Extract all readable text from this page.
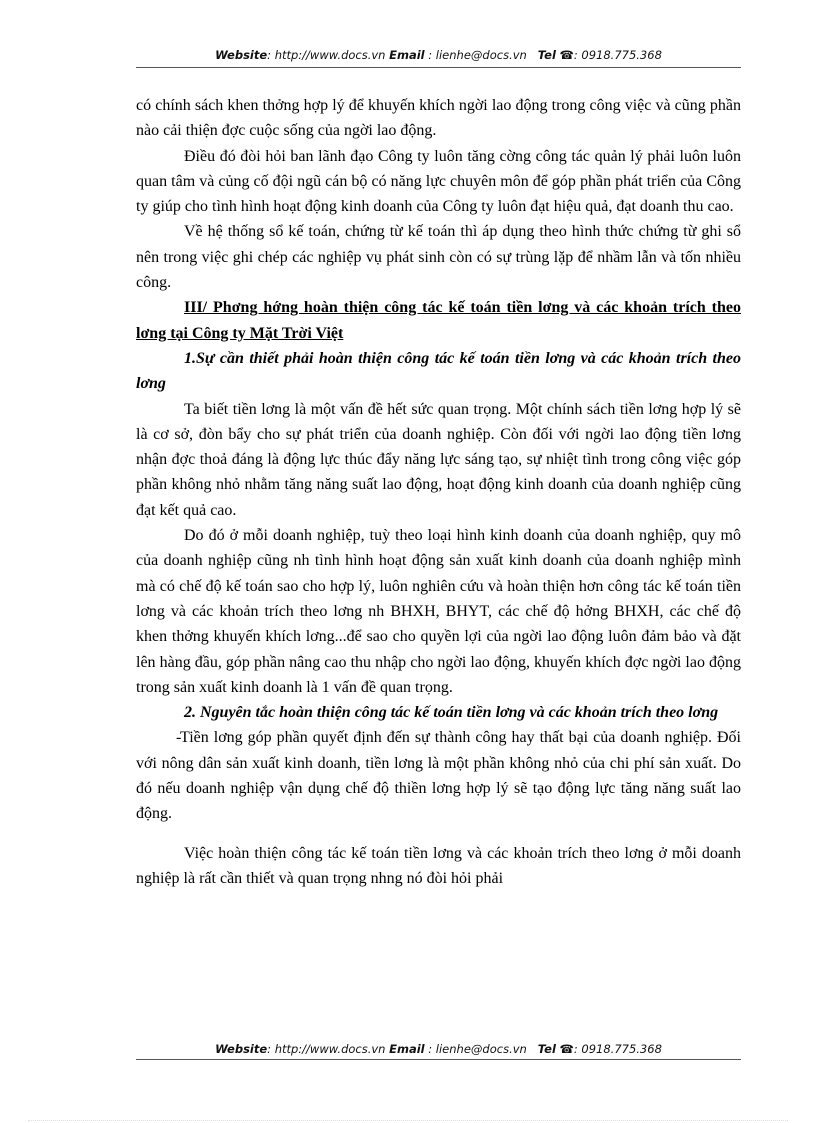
Website: http://www.docs.vn Email : lienhe@docs.vn Tel ☎: 0918.775.368

có chính sách khen thởng hợp lý để khuyến khích ngời lao động trong công việc và cũng phần nào cải thiện đợc cuộc sống của ngời lao động.

Điều đó đòi hỏi ban lãnh đạo Công ty luôn tăng cờng công tác quản lý phải luôn luôn quan tâm và củng cố đội ngũ cán bộ có năng lực chuyên môn để góp phần phát triển của Công ty giúp cho tình hình hoạt động kinh doanh của Công ty luôn đạt hiệu quả, đạt doanh thu cao.

Về hệ thống sổ kế toán, chứng từ kế toán thì áp dụng theo hình thức chứng từ ghi sổ nên trong việc ghi chép các nghiệp vụ phát sinh còn có sự trùng lặp để nhầm lẫn và tốn nhiều công.

III/ Phơng hớng hoàn thiện công tác kế toán tiền lơng và các khoản trích theo lơng tại Công ty Mặt Trời Việt

1.Sự cần thiết phải hoàn thiện công tác kế toán tiền lơng và các khoản trích theo lơng

Ta biết tiền lơng là một vấn đề hết sức quan trọng. Một chính sách tiền lơng hợp lý sẽ là cơ sở, đòn bẩy cho sự phát triển của doanh nghiệp. Còn đối với ngời lao động tiền lơng nhận đợc thoả đáng là động lực thúc đẩy năng lực sáng tạo, sự nhiệt tình trong công việc góp phần không nhỏ nhằm tăng năng suất lao động, hoạt động kinh doanh của doanh nghiệp cũng đạt kết quả cao.

Do đó ở mỗi doanh nghiệp, tuỳ theo loại hình kinh doanh của doanh nghiệp, quy mô của doanh nghiệp cũng nh tình hình hoạt động sản xuất kinh doanh của doanh nghiệp mình mà có chế độ kế toán sao cho hợp lý, luôn nghiên cứu và hoàn thiện hơn công tác kế toán tiền lơng và các khoản trích theo lơng nh BHXH, BHYT, các chế độ hởng BHXH, các chế độ khen thởng khuyến khích lơng...để sao cho quyền lợi của ngời lao động luôn đảm bảo và đặt lên hàng đầu, góp phần nâng cao thu nhập cho ngời lao động, khuyến khích đợc ngời lao động trong sản xuất kinh doanh là 1 vấn đề quan trọng.

2. Nguyên tắc hoàn thiện công tác kế toán tiền lơng và các khoản trích theo lơng

-Tiền lơng góp phần quyết định đến sự thành công hay thất bại của doanh nghiệp. Đối với nông dân sản xuất kinh doanh, tiền lơng là một phần không nhỏ của chi phí sản xuất. Do đó nếu doanh nghiệp vận dụng chế độ thiền lơng hợp lý sẽ tạo động lực tăng năng suất lao động.

Việc hoàn thiện công tác kế toán tiền lơng và các khoản trích theo lơng ở mỗi doanh nghiệp là rất cần thiết và quan trọng nhng nó đòi hỏi phải

Website: http://www.docs.vn Email : lienhe@docs.vn Tel ☎: 0918.775.368
